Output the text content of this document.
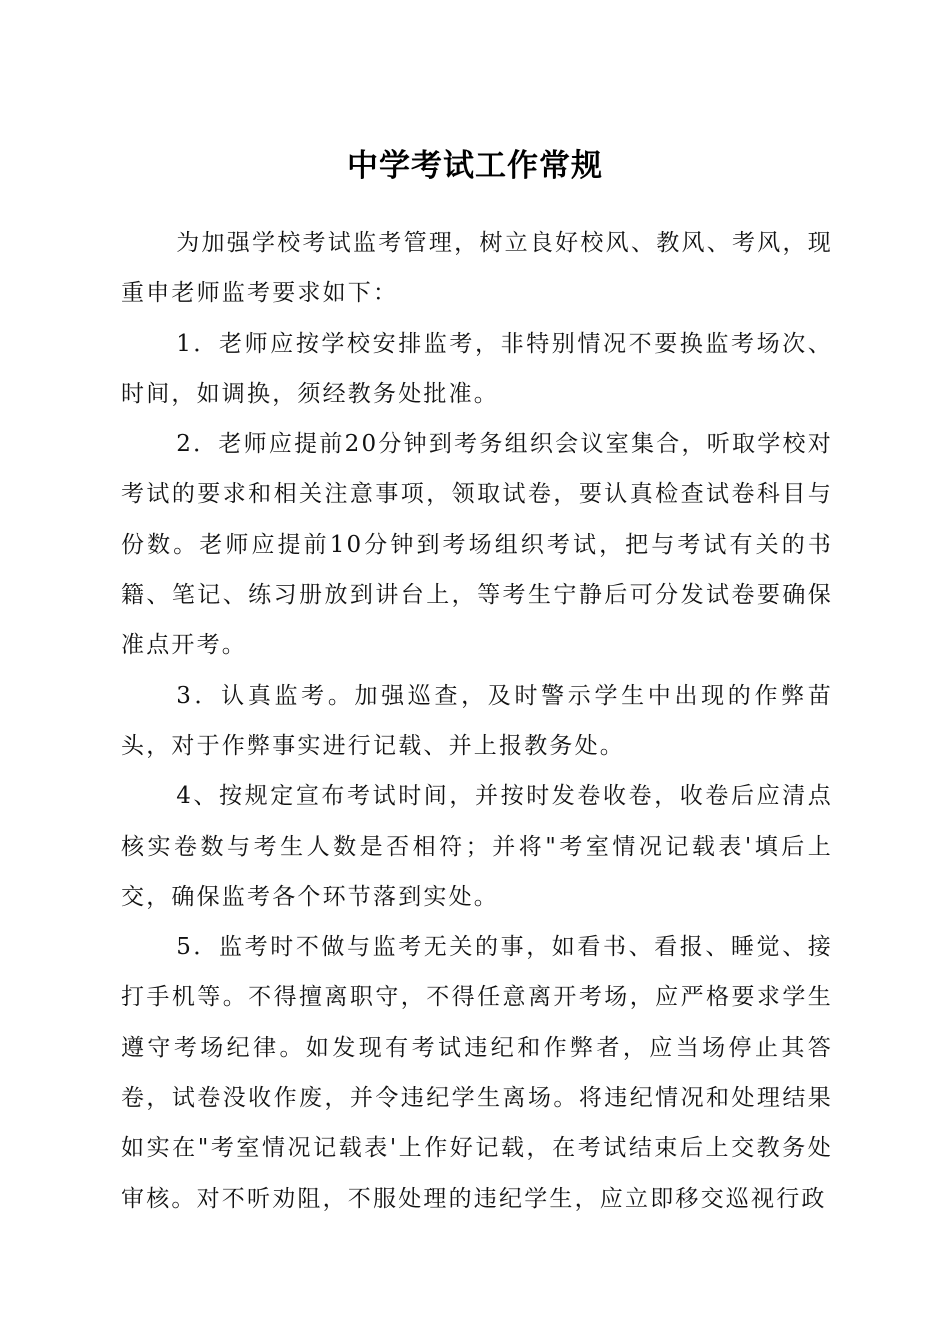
中学考试工作常规

为加强学校考试监考管理，树立良好校风、教风、考风，现重申老师监考要求如下：

1．老师应按学校安排监考，非特别情况不要换监考场次、时间，如调换，须经教务处批准。

2．老师应提前20分钟到考务组织会议室集合，听取学校对考试的要求和相关注意事项，领取试卷，要认真检查试卷科目与份数。老师应提前10分钟到考场组织考试，把与考试有关的书籍、笔记、练习册放到讲台上，等考生宁静后可分发试卷要确保准点开考。

3．认真监考。加强巡查，及时警示学生中出现的作弊苗头，对于作弊事实进行记载、并上报教务处。

4、按规定宣布考试时间，并按时发卷收卷，收卷后应清点核实卷数与考生人数是否相符；并将"考室情况记载表'填后上交，确保监考各个环节落到实处。

5．监考时不做与监考无关的事，如看书、看报、睡觉、接打手机等。不得擅离职守，不得任意离开考场，应严格要求学生遵守考场纪律。如发现有考试违纪和作弊者，应当场停止其答卷，试卷没收作废，并令违纪学生离场。将违纪情况和处理结果如实在"考室情况记载表'上作好记载，在考试结束后上交教务处审核。对不听劝阻，不服处理的违纪学生，应立即移交巡视行政
